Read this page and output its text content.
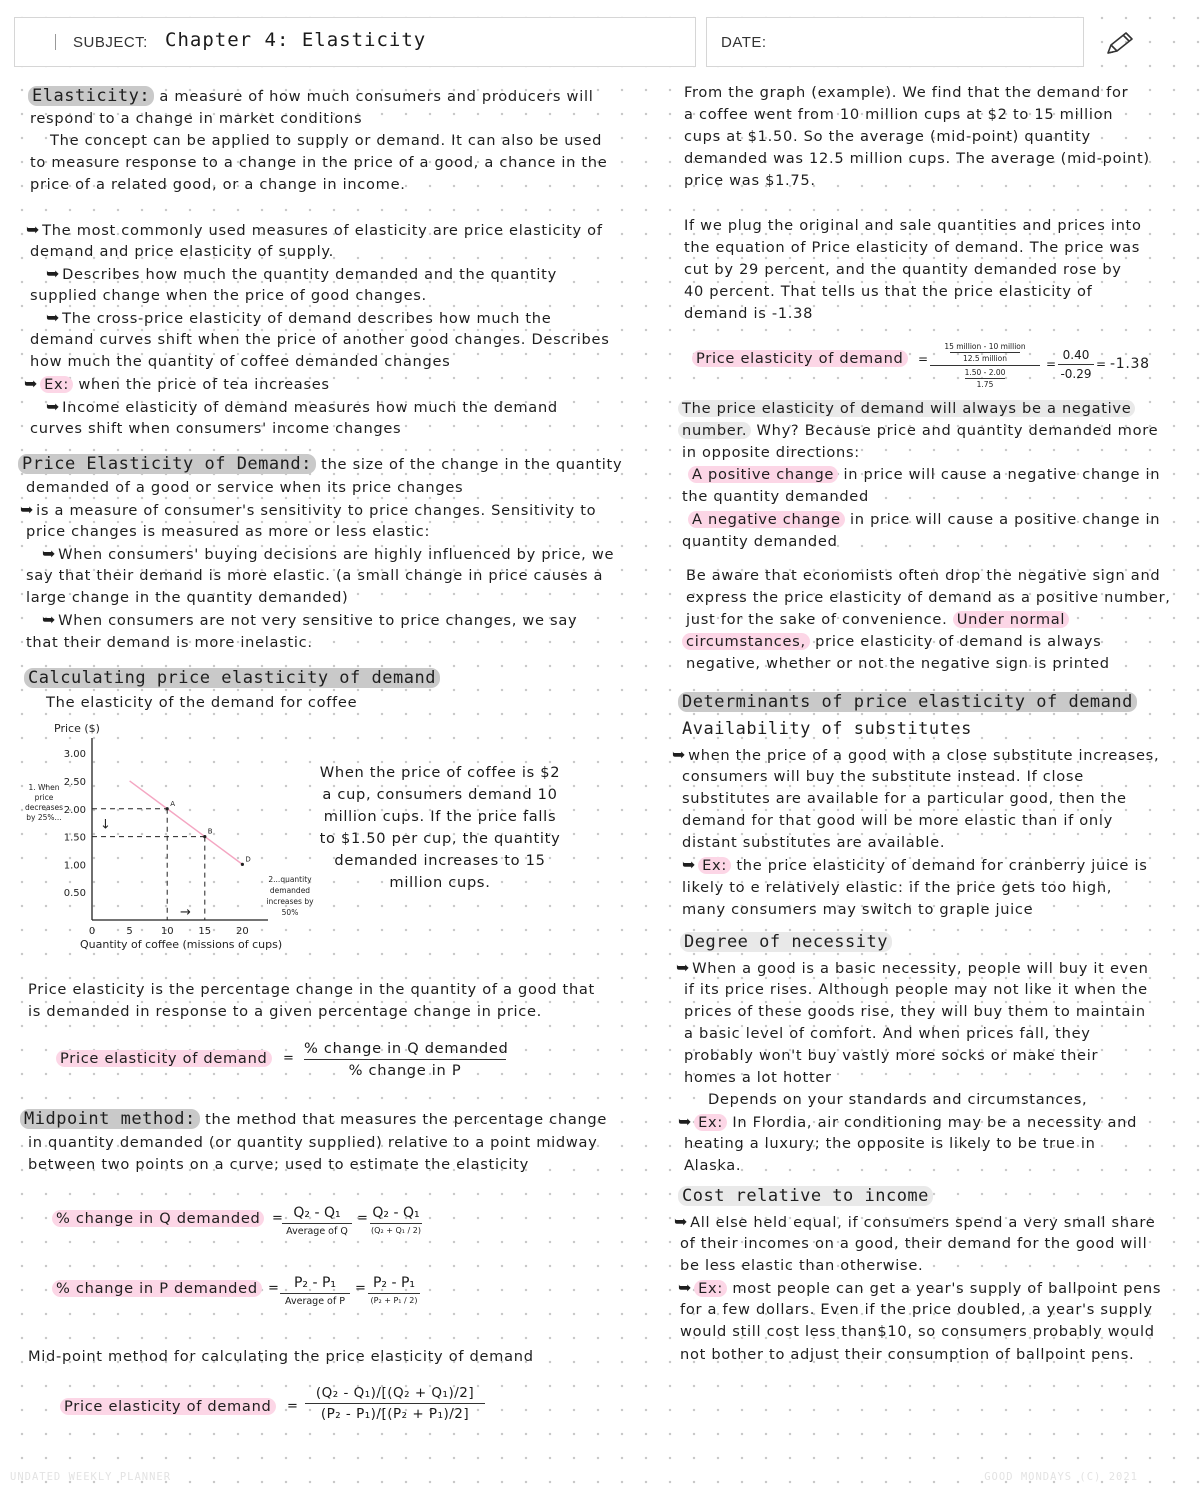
SUBJECT: Chapter 4: Elasticity	DATE:
Elasticity: a measure of how much consumers and producers will
respond to a change in market conditions
The concept can be applied to supply or demand. It can also be used
to measure response to a change in the price of a good, a chance in the
price of a related good, or a change in income.
➥ The most commonly used measures of elasticity are price elasticity of
demand and price elasticity of supply.
➥ Describes how much the quantity demanded and the quantity
supplied change when the price of good changes.
➥ The cross-price elasticity of demand describes how much the
demand curves shift when the price of another good changes. Describes
how much the quantity of coffee demanded changes
➥ Ex: when the price of tea increases
➥ Income elasticity of demand measures how much the demand
curves shift when consumers' income changes
Price Elasticity of Demand: the size of the change in the quantity
demanded of a good or service when its price changes
➥ is a measure of consumer's sensitivity to price changes. Sensitivity to
price changes is measured as more or less elastic:
➥ When consumers' buying decisions are highly influenced by price, we
say that their demand is more elastic. (a small change in price causes a
large change in the quantity demanded)
➥ When consumers are not very sensitive to price changes, we say
that their demand is more inelastic.
Calculating price elasticity of demand
The elasticity of the demand for coffee
Price ($)
Quantity of coffee (missions of cups)
0.50
1.00
1.50
2.00
2.50
3.00
0	5	10 15 20
↓
→
A
B
D
1. When
price
decreases
by 25%...
2...quantity
demanded
increases by
50%
When the price of coffee is $2
a cup, consumers demand 10
million cups. If the price falls
to $1.50 per cup, the quantity
demanded increases to 15
million cups.
Price elasticity is the percentage change in the quantity of a good that
is demanded in response to a given percentage change in price.
Price elasticity of demand	=
% change in Q demanded
% change in P
Midpoint method: the method that measures the percentage change
in quantity demanded (or quantity supplied) relative to a point midway
between two points on a curve; used to estimate the elasticity
% change in Q demanded = Q₂ - Q₁
Average of Q
= Q₂ - Q₁
(Q₂ + Q₁ / 2)
% change in P demanded =	P₂ - P₁
Average of P
= P₂ - P₁
(P₂ + P₁ / 2)
Mid-point method for calculating the price elasticity of demand
Price elasticity of demand	=
(Q₂ - Q₁)/[(Q₂ + Q₁)/2]
(P₂ - P₁)/[(P₂ + P₁)/2]
From the graph (example). We find that the demand for
a coffee went from 10 million cups at $2 to 15 million
cups at $1.50. So the average (mid-point) quantity
demanded was 12.5 million cups. The average (mid-point)
price was $1.75.
If we plug the original and sale quantities and prices into
the equation of Price elasticity of demand. The price was
cut by 29 percent, and the quantity demanded rose by
40 percent. That tells us that the price elasticity of
demand is -1.38
Price elasticity of demand	=
15 million - 10 million
12.5 million
1.50 - 2.00
1.75
=
0.40
-0.29
= -1.38
The price elasticity of demand will always be a negative
number. Why? Because price and quantity demanded more
in opposite directions:
A positive change in price will cause a negative change in
the quantity demanded
A negative change in price will cause a positive change in
quantity demanded
Be aware that economists often drop the negative sign and
express the price elasticity of demand as a positive number,
just for the sake of convenience. Under normal
circumstances, price elasticity of demand is always
negative, whether or not the negative sign is printed
Determinants of price elasticity of demand
Availability of substitutes
➥ when the price of a good with a close substitute increases,
consumers will buy the substitute instead. If close
substitutes are available for a particular good, then the
demand for that good will be more elastic than if only
distant substitutes are available.
➥ Ex: the price elasticity of demand for cranberry juice is
likely to e relatively elastic: if the price gets too high,
many consumers may switch to graple juice
Degree of necessity
➥ When a good is a basic necessity, people will buy it even
if its price rises. Although people may not like it when the
prices of these goods rise, they will buy them to maintain
a basic level of comfort. And when prices fall, they
probably won't buy vastly more socks or make their
homes a lot hotter
Depends on your standards and circumstances,
➥ Ex: In Flordia, air conditioning may be a necessity and
heating a luxury; the opposite is likely to be true in
Alaska.
Cost relative to income
➥ All else held equal, if consumers spend a very small share
of their incomes on a good, their demand for the good will
be less elastic than otherwise.
➥ Ex: most people can get a year's supply of ballpoint pens
for a few dollars. Even if the price doubled, a year's supply
would still cost less than$10, so consumers probably would
not bother to adjust their consumption of ballpoint pens.
UNDATED WEEKLY PLANNER	GOOD MONDAYS (C) 2021
